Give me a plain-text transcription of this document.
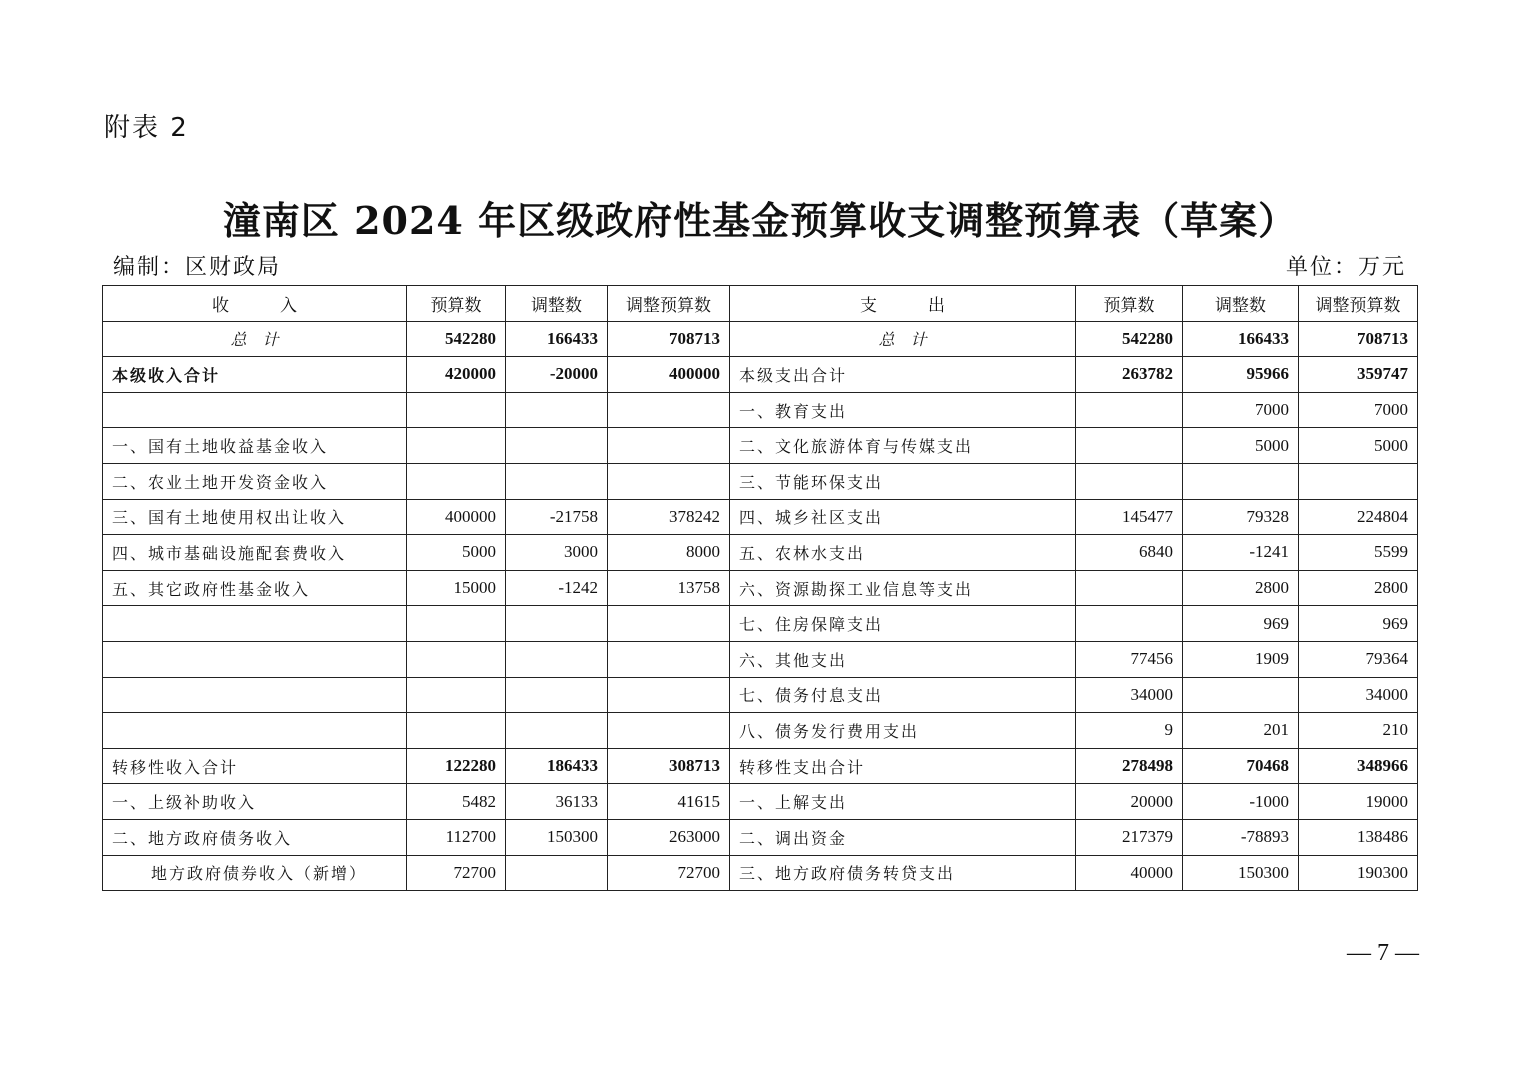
附表 2
潼南区 2024 年区级政府性基金预算收支调整预算表（草案）
编制：区财政局	单位：万元
收　　　入	预算数	调整数	调整预算数	支　　　出	预算数	调整数	调整预算数
总　计	542280	166433	708713	总　计	542280	166433	708713
本级收入合计	420000	-20000	400000	本级支出合计	263782	95966	359747
				一、教育支出		7000	7000
一、国有土地收益基金收入				二、文化旅游体育与传媒支出		5000	5000
二、农业土地开发资金收入				三、节能环保支出			
三、国有土地使用权出让收入	400000	-21758	378242	四、城乡社区支出	145477	79328	224804
四、城市基础设施配套费收入	5000	3000	8000	五、农林水支出	6840	-1241	5599
五、其它政府性基金收入	15000	-1242	13758	六、资源勘探工业信息等支出		2800	2800
				七、住房保障支出		969	969
				六、其他支出	77456	1909	79364
				七、债务付息支出	34000		34000
				八、债务发行费用支出	9	201	210
转移性收入合计	122280	186433	308713	转移性支出合计	278498	70468	348966
一、上级补助收入	5482	36133	41615	一、上解支出	20000	-1000	19000
二、地方政府债务收入	112700	150300	263000	二、调出资金	217379	-78893	138486
地方政府债券收入（新增）	72700		72700	三、地方政府债务转贷支出	40000	150300	190300
— 7 —
